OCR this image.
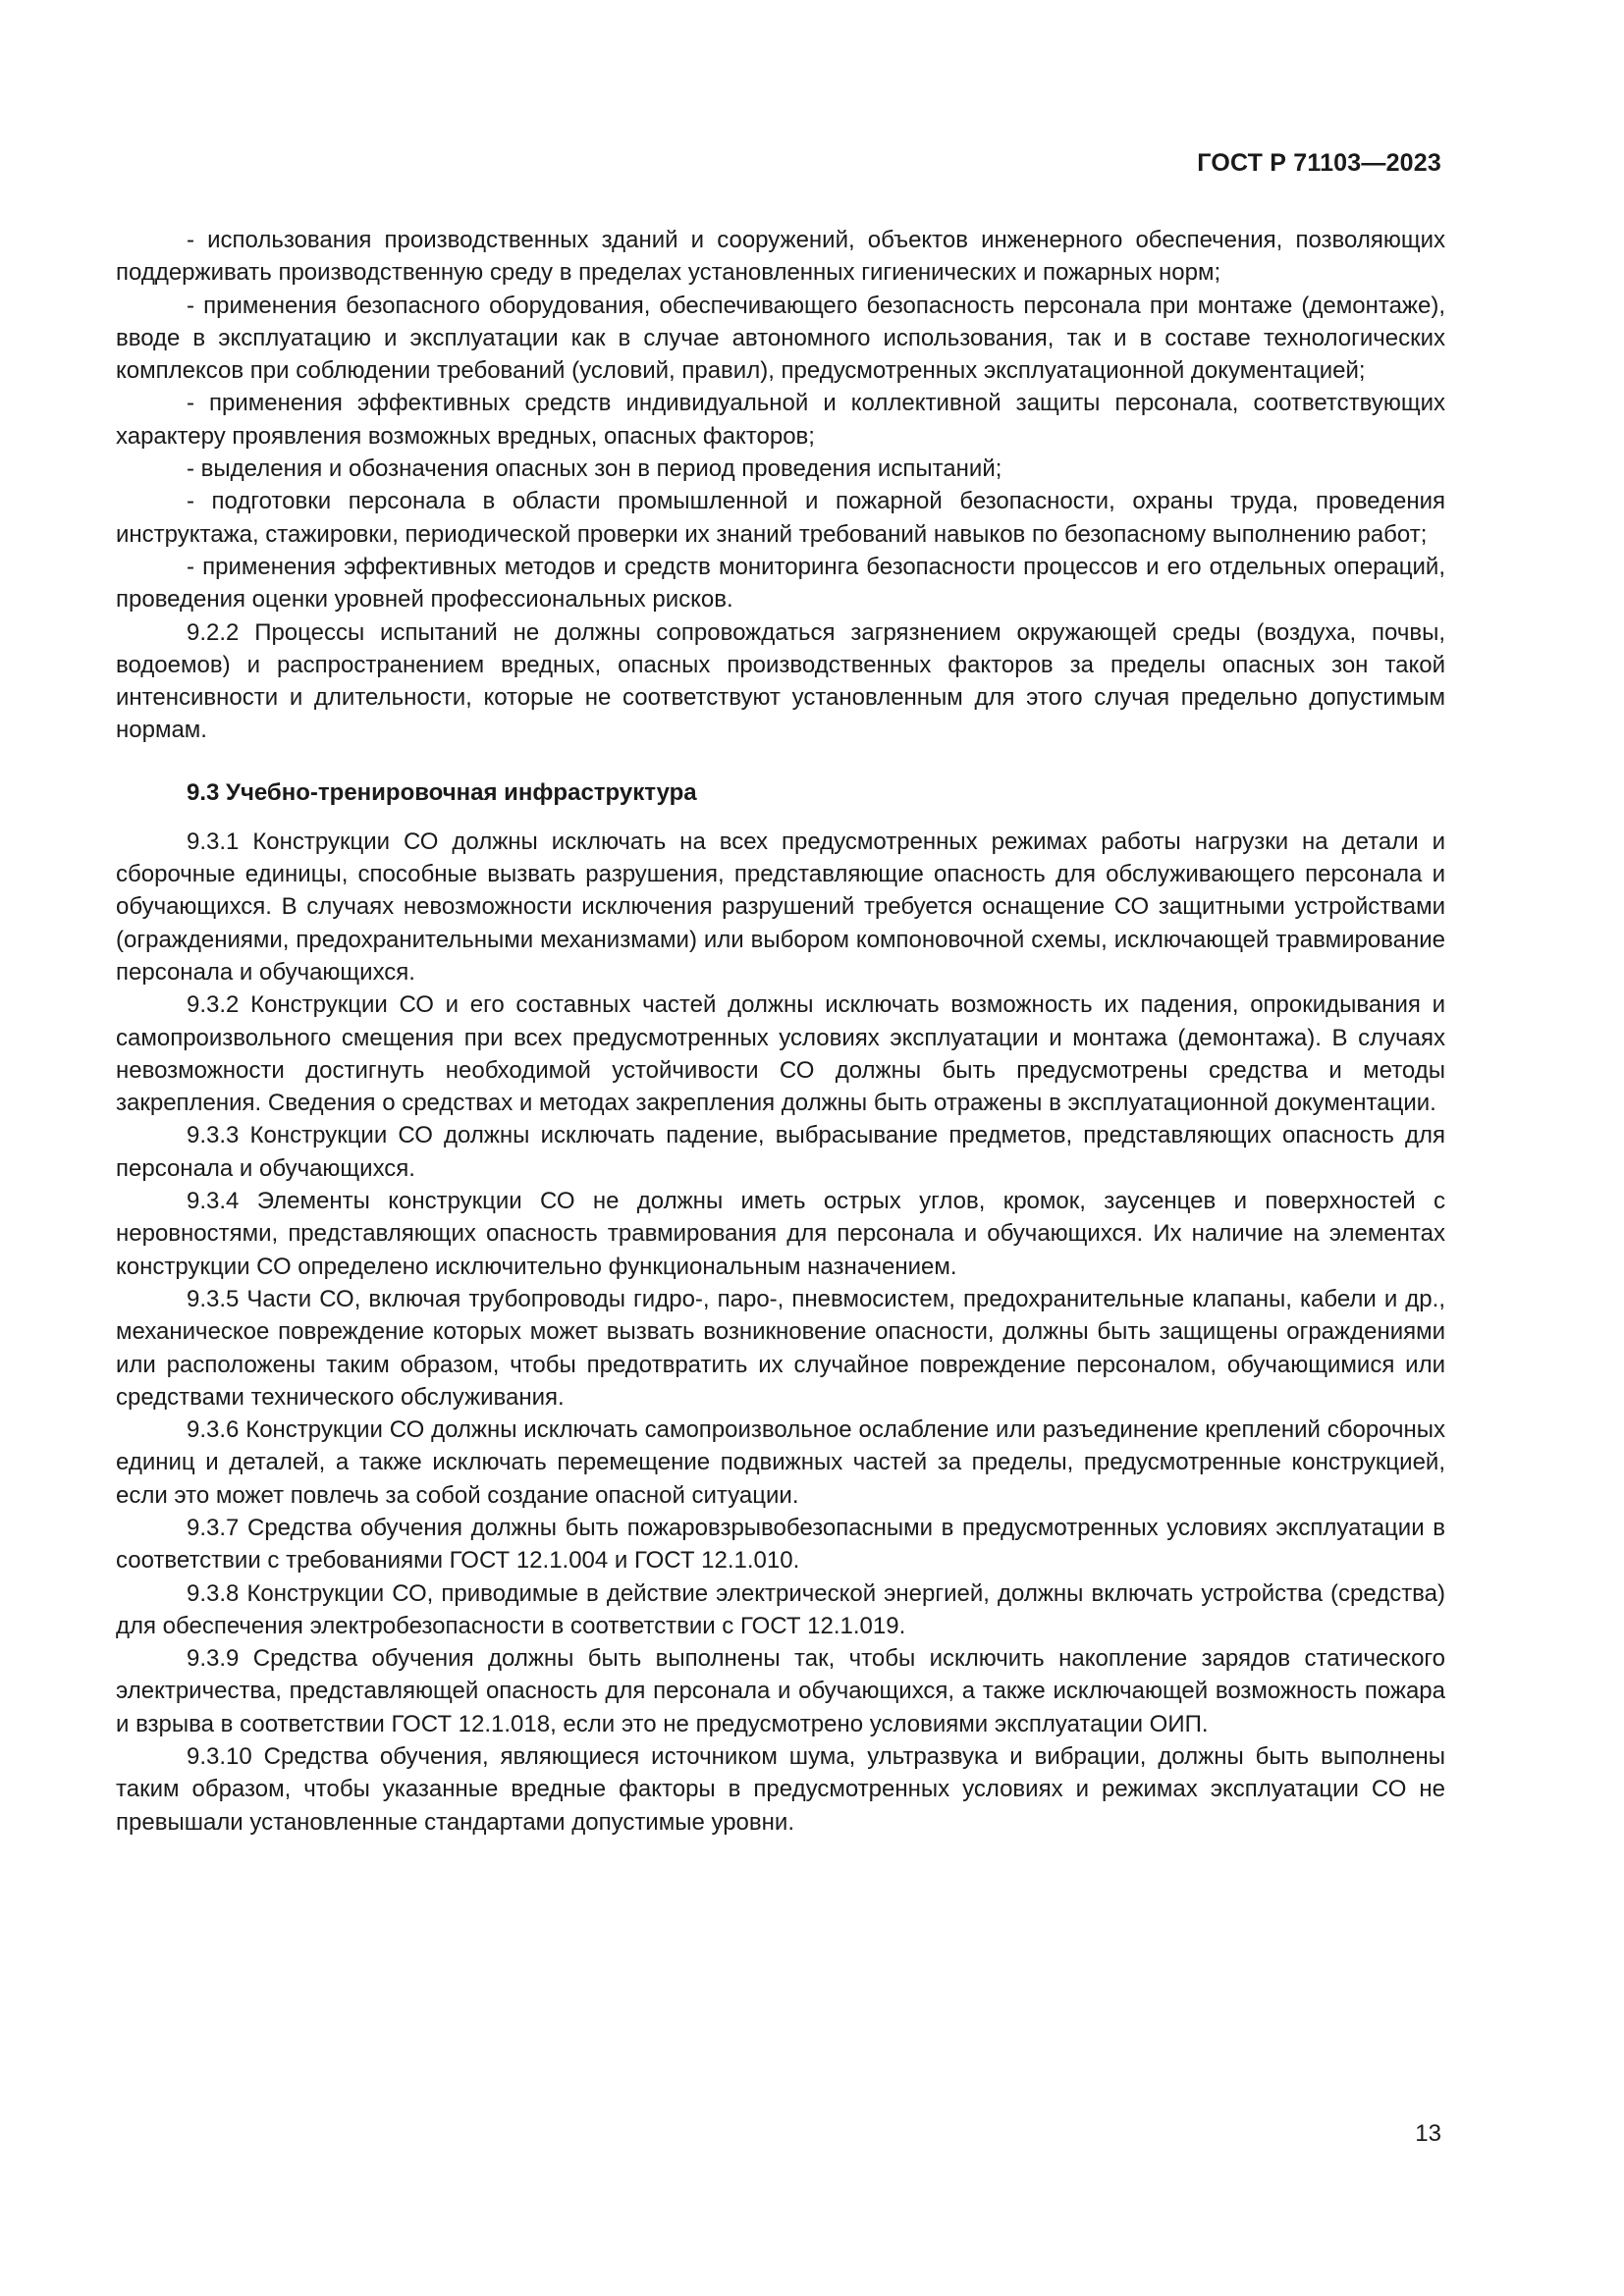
ГОСТ Р 71103—2023

- использования производственных зданий и сооружений, объектов инженерного обеспечения, позволяющих поддерживать производственную среду в пределах установленных гигиенических и пожарных норм;

- применения безопасного оборудования, обеспечивающего безопасность персонала при монтаже (демонтаже), вводе в эксплуатацию и эксплуатации как в случае автономного использования, так и в составе технологических комплексов при соблюдении требований (условий, правил), предусмотренных эксплуатационной документацией;

- применения эффективных средств индивидуальной и коллективной защиты персонала, соответствующих характеру проявления возможных вредных, опасных факторов;

- выделения и обозначения опасных зон в период проведения испытаний;

- подготовки персонала в области промышленной и пожарной безопасности, охраны труда, проведения инструктажа, стажировки, периодической проверки их знаний требований навыков по безопасному выполнению работ;

- применения эффективных методов и средств мониторинга безопасности процессов и его отдельных операций, проведения оценки уровней профессиональных рисков.

9.2.2 Процессы испытаний не должны сопровождаться загрязнением окружающей среды (воздуха, почвы, водоемов) и распространением вредных, опасных производственных факторов за пределы опасных зон такой интенсивности и длительности, которые не соответствуют установленным для этого случая предельно допустимым нормам.

9.3 Учебно-тренировочная инфраструктура

9.3.1 Конструкции СО должны исключать на всех предусмотренных режимах работы нагрузки на детали и сборочные единицы, способные вызвать разрушения, представляющие опасность для обслуживающего персонала и обучающихся. В случаях невозможности исключения разрушений требуется оснащение СО защитными устройствами (ограждениями, предохранительными механизмами) или выбором компоновочной схемы, исключающей травмирование персонала и обучающихся.

9.3.2 Конструкции СО и его составных частей должны исключать возможность их падения, опрокидывания и самопроизвольного смещения при всех предусмотренных условиях эксплуатации и монтажа (демонтажа). В случаях невозможности достигнуть необходимой устойчивости СО должны быть предусмотрены средства и методы закрепления. Сведения о средствах и методах закрепления должны быть отражены в эксплуатационной документации.

9.3.3 Конструкции СО должны исключать падение, выбрасывание предметов, представляющих опасность для персонала и обучающихся.

9.3.4 Элементы конструкции СО не должны иметь острых углов, кромок, заусенцев и поверхностей с неровностями, представляющих опасность травмирования для персонала и обучающихся. Их наличие на элементах конструкции СО определено исключительно функциональным назначением.

9.3.5 Части СО, включая трубопроводы гидро-, паро-, пневмосистем, предохранительные клапаны, кабели и др., механическое повреждение которых может вызвать возникновение опасности, должны быть защищены ограждениями или расположены таким образом, чтобы предотвратить их случайное повреждение персоналом, обучающимися или средствами технического обслуживания.

9.3.6 Конструкции СО должны исключать самопроизвольное ослабление или разъединение креплений сборочных единиц и деталей, а также исключать перемещение подвижных частей за пределы, предусмотренные конструкцией, если это может повлечь за собой создание опасной ситуации.

9.3.7 Средства обучения должны быть пожаровзрывобезопасными в предусмотренных условиях эксплуатации в соответствии с требованиями ГОСТ 12.1.004 и ГОСТ 12.1.010.

9.3.8 Конструкции СО, приводимые в действие электрической энергией, должны включать устройства (средства) для обеспечения электробезопасности в соответствии с ГОСТ 12.1.019.

9.3.9 Средства обучения должны быть выполнены так, чтобы исключить накопление зарядов статического электричества, представляющей опасность для персонала и обучающихся, а также исключающей возможность пожара и взрыва в соответствии ГОСТ 12.1.018, если это не предусмотрено условиями эксплуатации ОИП.

9.3.10 Средства обучения, являющиеся источником шума, ультразвука и вибрации, должны быть выполнены таким образом, чтобы указанные вредные факторы в предусмотренных условиях и режимах эксплуатации СО не превышали установленные стандартами допустимые уровни.

13
